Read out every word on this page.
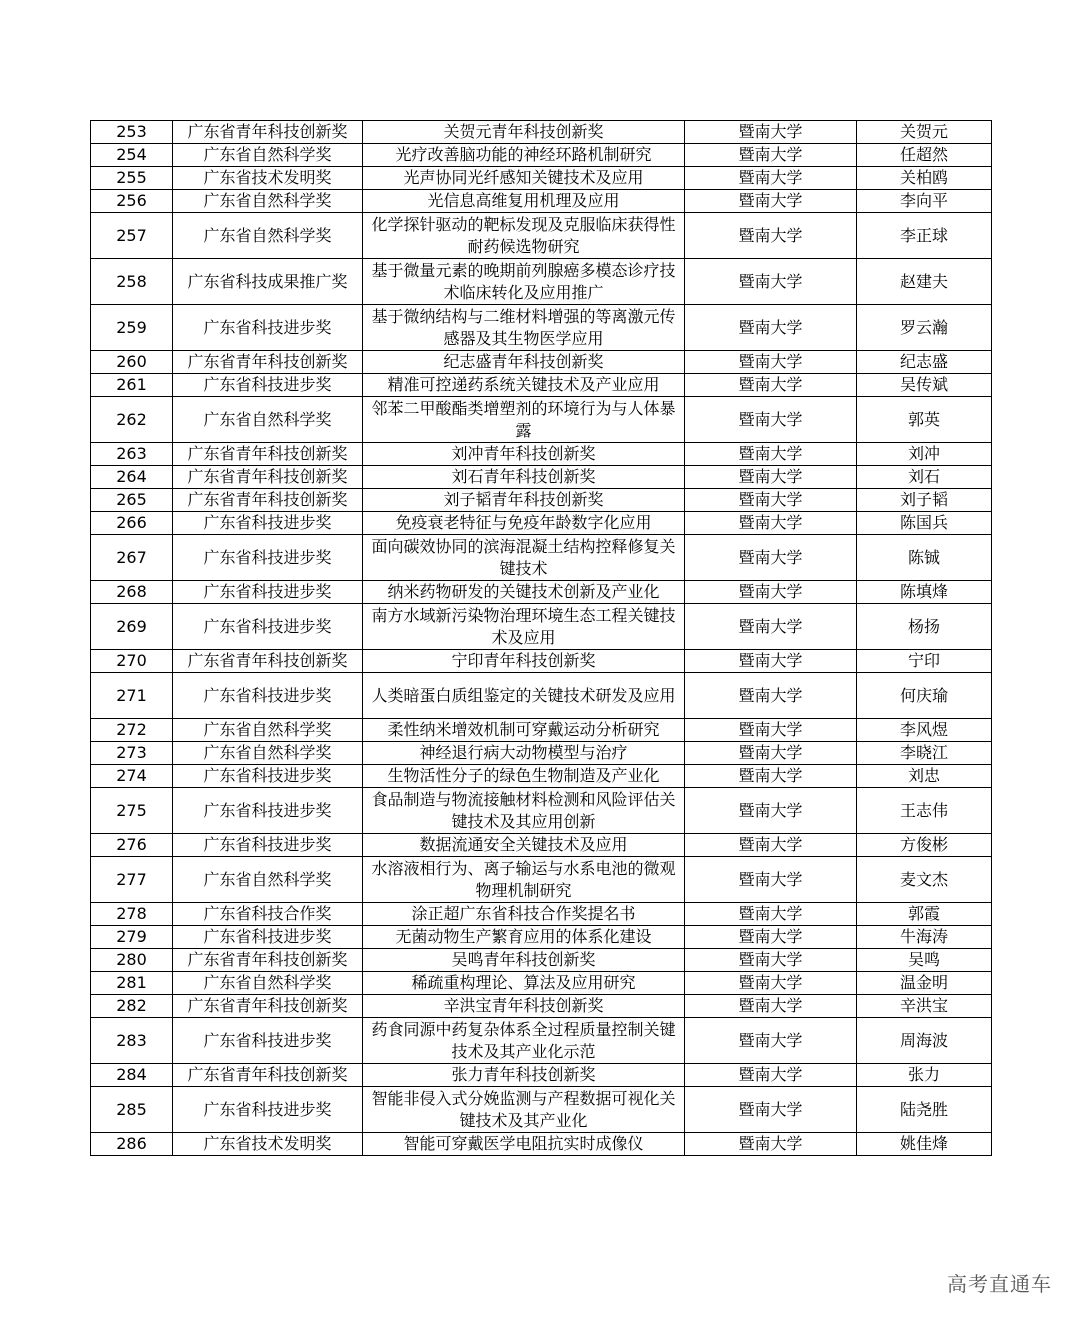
253	广东省青年科技创新奖	关贺元青年科技创新奖	暨南大学	关贺元
254	广东省自然科学奖	光疗改善脑功能的神经环路机制研究	暨南大学	任超然
255	广东省技术发明奖	光声协同光纤感知关键技术及应用	暨南大学	关柏鸥
256	广东省自然科学奖	光信息高维复用机理及应用	暨南大学	李向平
257	广东省自然科学奖	化学探针驱动的靶标发现及克服临床获得性耐药候选物研究	暨南大学	李正球
258	广东省科技成果推广奖	基于微量元素的晚期前列腺癌多模态诊疗技术临床转化及应用推广	暨南大学	赵建夫
259	广东省科技进步奖	基于微纳结构与二维材料增强的等离激元传感器及其生物医学应用	暨南大学	罗云瀚
260	广东省青年科技创新奖	纪志盛青年科技创新奖	暨南大学	纪志盛
261	广东省科技进步奖	精准可控递药系统关键技术及产业应用	暨南大学	吴传斌
262	广东省自然科学奖	邻苯二甲酸酯类增塑剂的环境行为与人体暴露	暨南大学	郭英
263	广东省青年科技创新奖	刘冲青年科技创新奖	暨南大学	刘冲
264	广东省青年科技创新奖	刘石青年科技创新奖	暨南大学	刘石
265	广东省青年科技创新奖	刘子韬青年科技创新奖	暨南大学	刘子韬
266	广东省科技进步奖	免疫衰老特征与免疫年龄数字化应用	暨南大学	陈国兵
267	广东省科技进步奖	面向碳效协同的滨海混凝土结构控释修复关键技术	暨南大学	陈铖
268	广东省科技进步奖	纳米药物研发的关键技术创新及产业化	暨南大学	陈填烽
269	广东省科技进步奖	南方水域新污染物治理环境生态工程关键技术及应用	暨南大学	杨扬
270	广东省青年科技创新奖	宁印青年科技创新奖	暨南大学	宁印
271	广东省科技进步奖	人类暗蛋白质组鉴定的关键技术研发及应用	暨南大学	何庆瑜
272	广东省自然科学奖	柔性纳米增效机制可穿戴运动分析研究	暨南大学	李风煜
273	广东省自然科学奖	神经退行病大动物模型与治疗	暨南大学	李晓江
274	广东省科技进步奖	生物活性分子的绿色生物制造及产业化	暨南大学	刘忠
275	广东省科技进步奖	食品制造与物流接触材料检测和风险评估关键技术及其应用创新	暨南大学	王志伟
276	广东省科技进步奖	数据流通安全关键技术及应用	暨南大学	方俊彬
277	广东省自然科学奖	水溶液相行为、离子输运与水系电池的微观物理机制研究	暨南大学	麦文杰
278	广东省科技合作奖	涂正超广东省科技合作奖提名书	暨南大学	郭霞
279	广东省科技进步奖	无菌动物生产繁育应用的体系化建设	暨南大学	牛海涛
280	广东省青年科技创新奖	吴鸣青年科技创新奖	暨南大学	吴鸣
281	广东省自然科学奖	稀疏重构理论、算法及应用研究	暨南大学	温金明
282	广东省青年科技创新奖	辛洪宝青年科技创新奖	暨南大学	辛洪宝
283	广东省科技进步奖	药食同源中药复杂体系全过程质量控制关键技术及其产业化示范	暨南大学	周海波
284	广东省青年科技创新奖	张力青年科技创新奖	暨南大学	张力
285	广东省科技进步奖	智能非侵入式分娩监测与产程数据可视化关键技术及其产业化	暨南大学	陆尧胜
286	广东省技术发明奖	智能可穿戴医学电阻抗实时成像仪	暨南大学	姚佳烽
高考直通车
